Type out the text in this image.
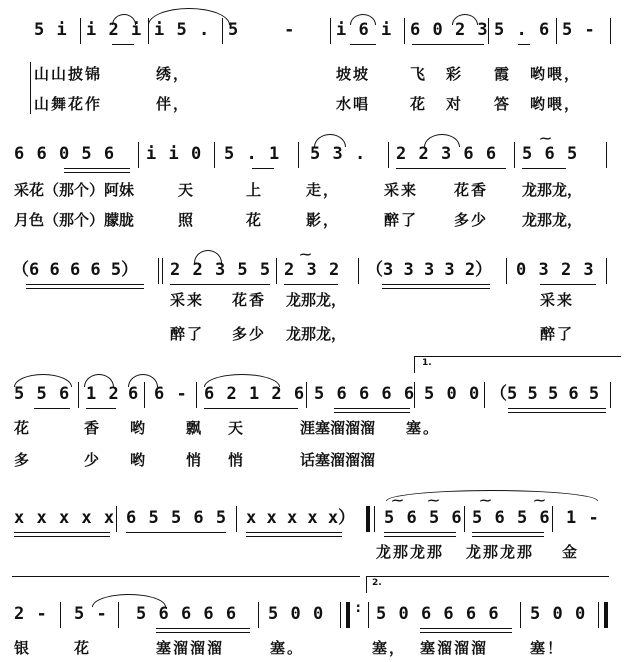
5 i i 2 i i 5 . 5    - i 6 i 6 0 2 3 5 . 6 5 -
山山披锦	绣，	坡坡	飞 彩 霞 哟喂，
山舞花作	伴，	水唱	花 对 答 哟喂，
⁓
6 6 0 5 6 i i 0 5 . 1 5 3 . 2 2 3 6 6 5 6 5
采花（那个）阿妹	天	上	走，	采来 花香 龙那龙，
月色（那个）朦胧	照	花	影，	醉了 多少 龙那龙，
⁓
（6 6 6 6 5） 2 2 3 5 5 2 3 2 （3 3 3 3 2） 0 3 2 3
采来 花香 龙那龙，	采来
醉了 多少 龙那龙，	醉了
1.
5 5 6 1 2 6 6 - 6 2 1 2 6 5 6 6 6 6 5 0 0 （5 5 5 6 5
花	香 哟	飘 天	涯塞溜溜溜 塞。
多	少 哟	悄 悄	话塞溜溜溜
⁓ ⁓	⁓	⁓
x x x x x 6 5 5 6 5 x x x x x） 5 6 5 6 5 6 5 6 1 -
龙那龙那 龙那龙那 金
2.
2 - 5 - 5 6 6 6 6 5 0 0 : 5 0 6 6 6 6 5 0 0
银	花	塞溜溜溜	塞。	塞， 塞溜溜溜	塞！
